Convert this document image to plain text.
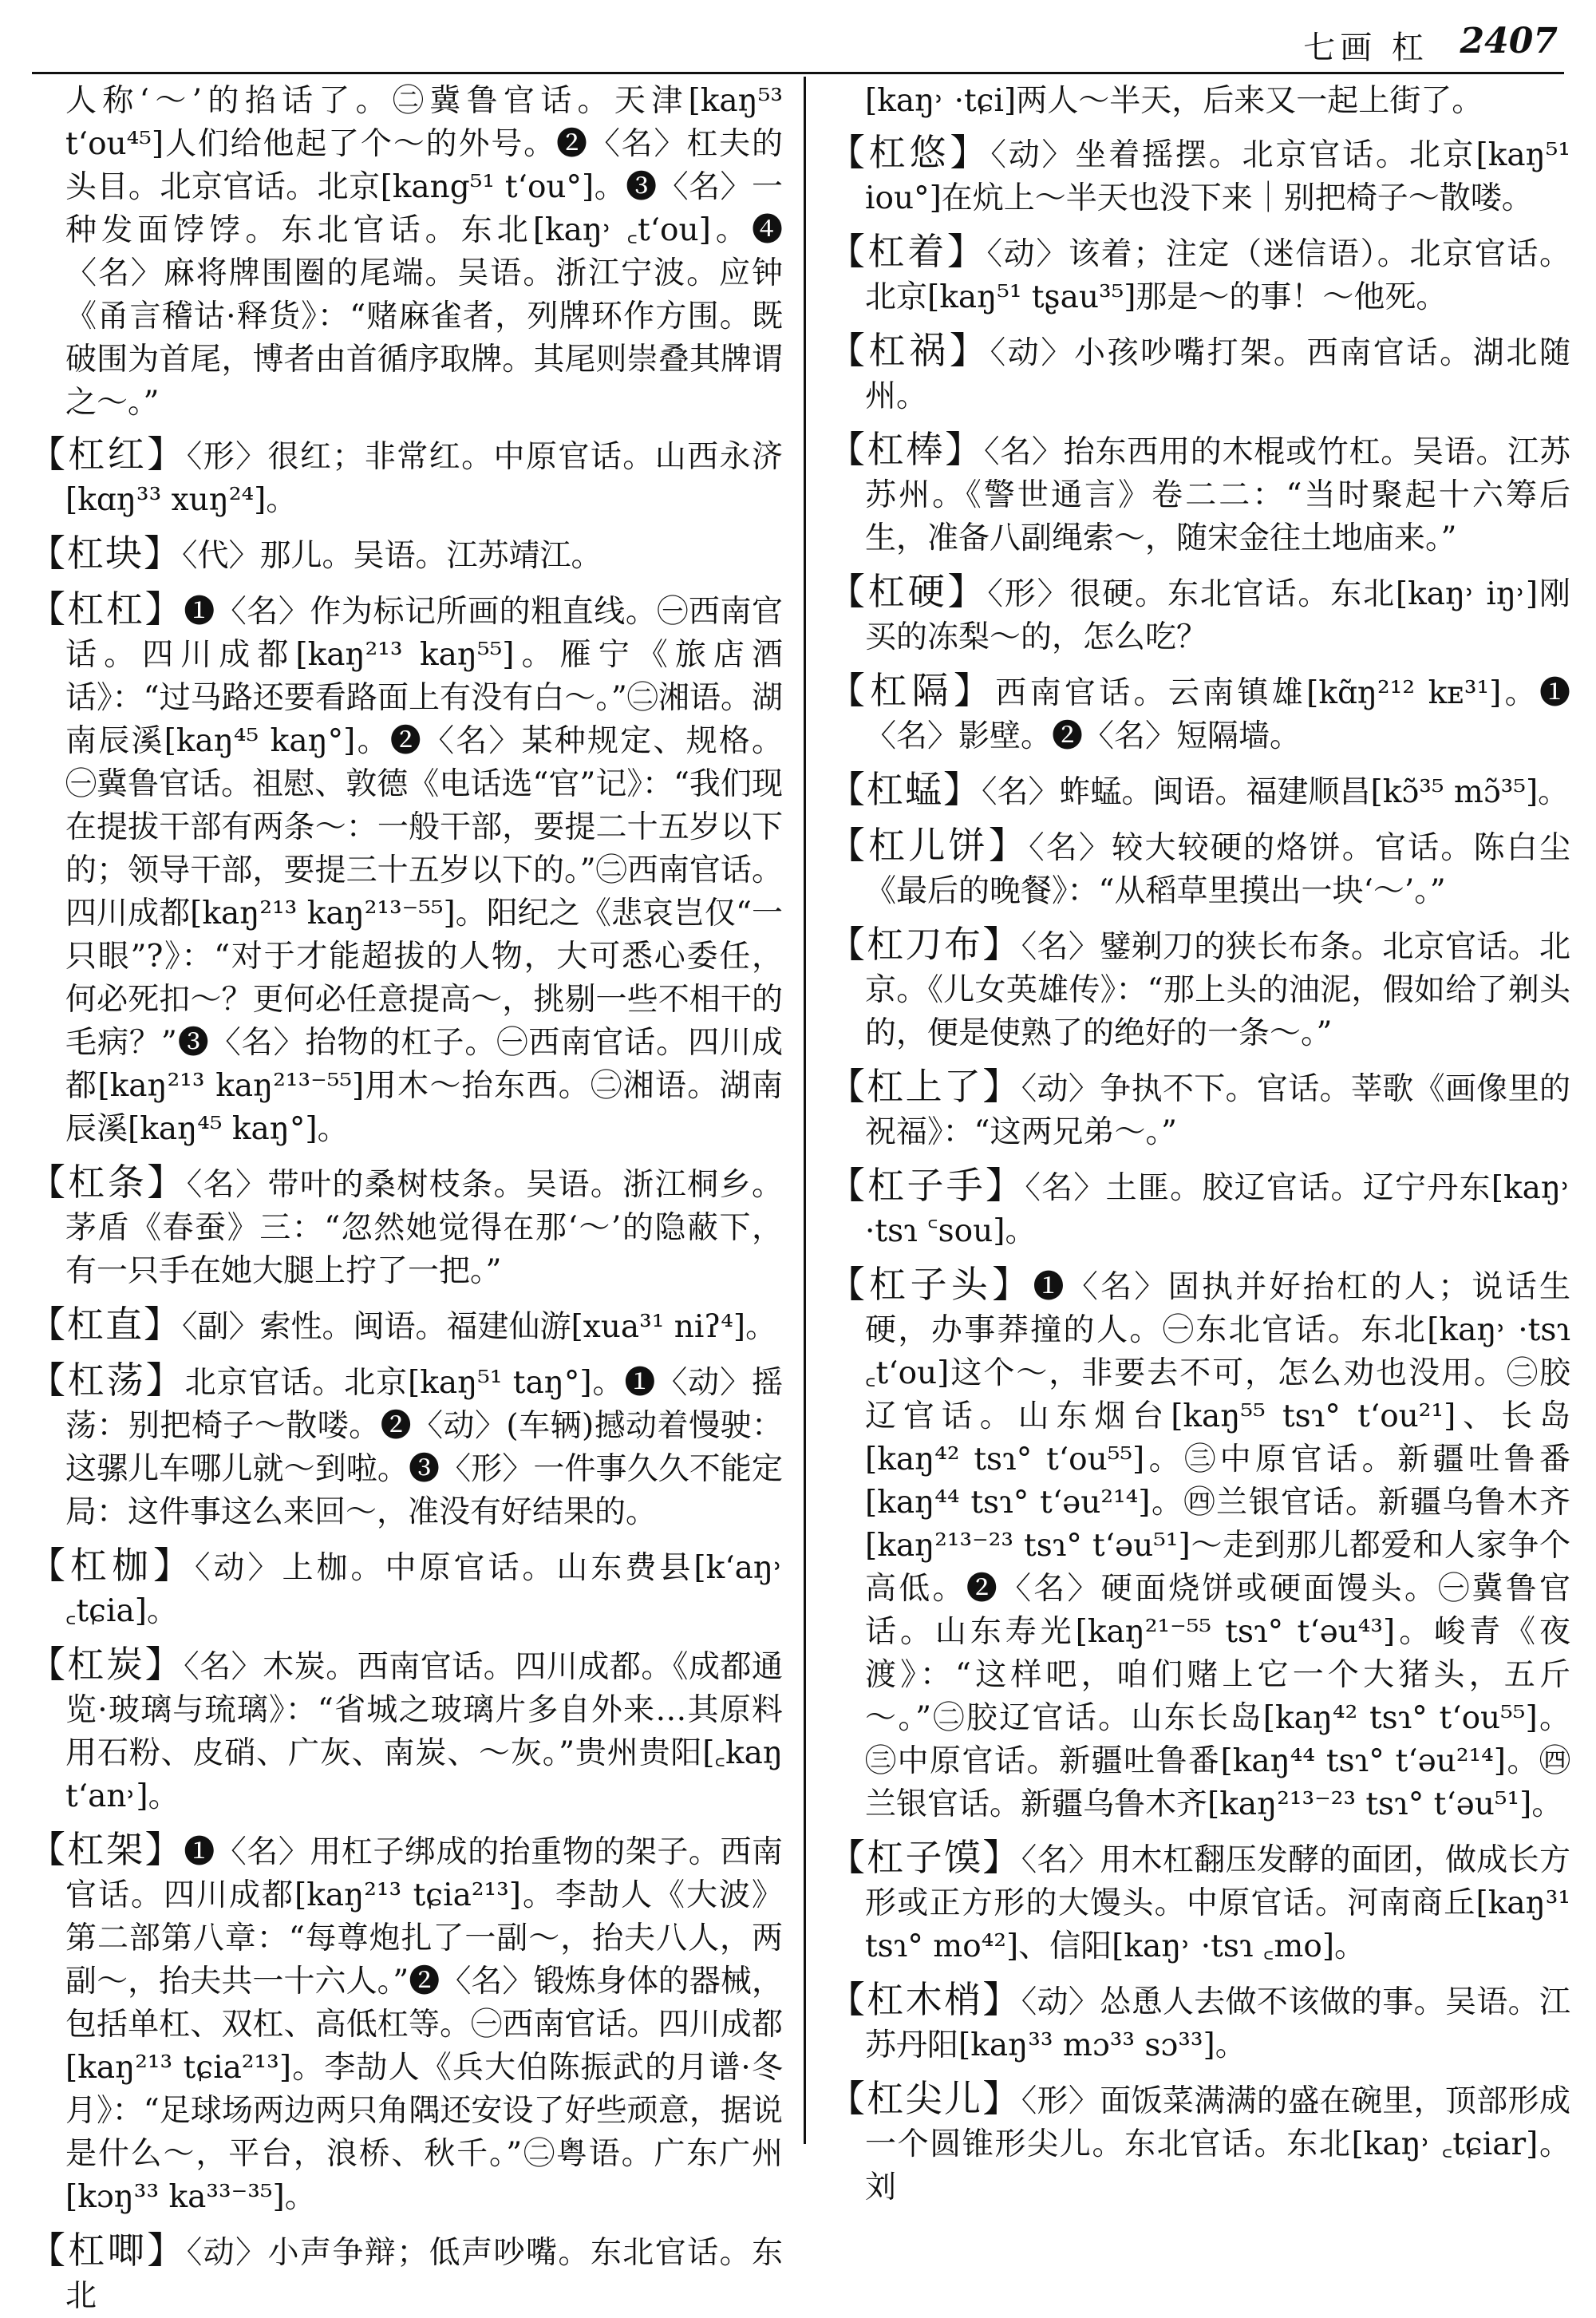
七画 杠 2407

人称‘～’的掐话了。㊁冀鲁官话。天津[kaŋ⁵³ tʻou⁴⁵]人们给他起了个～的外号。❷〈名〉杠夫的头目。北京官话。北京[kang⁵¹ tʻou°]。❸〈名〉一种发面饽饽。东北官话。东北[kaŋ˒ ꜀tʻou]。❹〈名〉麻将牌围圈的尾端。吴语。浙江宁波。应钟《甬言稽诂·释货》：“赌麻雀者，列牌环作方围。既破围为首尾，博者由首循序取牌。其尾则崇叠其牌谓之～。”

【杠红】〈形〉很红；非常红。中原官话。山西永济[kɑŋ³³ xuŋ²⁴]。

【杠块】〈代〉那儿。吴语。江苏靖江。

【杠杠】❶〈名〉作为标记所画的粗直线。㊀西南官话。四川成都[kaŋ²¹³ kaŋ⁵⁵]。雁宁《旅店酒话》：“过马路还要看路面上有没有白～。”㊁湘语。湖南辰溪[kaŋ⁴⁵ kaŋ°]。❷〈名〉某种规定、规格。㊀冀鲁官话。祖慰、敦德《电话选“官”记》：“我们现在提拔干部有两条～：一般干部，要提二十五岁以下的；领导干部，要提三十五岁以下的。”㊁西南官话。四川成都[kaŋ²¹³ kaŋ²¹³⁻⁵⁵]。阳纪之《悲哀岂仅“一只眼”?》：“对于才能超拔的人物，大可悉心委任，何必死扣～？更何必任意提高～，挑剔一些不相干的毛病？”❸〈名〉抬物的杠子。㊀西南官话。四川成都[kaŋ²¹³ kaŋ²¹³⁻⁵⁵]用木～抬东西。㊁湘语。湖南辰溪[kaŋ⁴⁵ kaŋ°]。

【杠条】〈名〉带叶的桑树枝条。吴语。浙江桐乡。茅盾《春蚕》三：“忽然她觉得在那‘～’的隐蔽下，有一只手在她大腿上拧了一把。”

【杠直】〈副〉索性。闽语。福建仙游[xua³¹ niʔ⁴]。

【杠荡】北京官话。北京[kaŋ⁵¹ taŋ°]。❶〈动〉摇荡：别把椅子～散喽。❷〈动〉(车辆)撼动着慢驶：这骡儿车哪儿就～到啦。❸〈形〉一件事久久不能定局：这件事这么来回～，准没有好结果的。

【杠枷】〈动〉上枷。中原官话。山东费县[kʻaŋ˒ ꜀tɕia]。

【杠炭】〈名〉木炭。西南官话。四川成都。《成都通览·玻璃与琉璃》：“省城之玻璃片多自外来…其原料用石粉、皮硝、广灰、南炭、～灰。”贵州贵阳[꜀kaŋ tʻan˒]。

【杠架】❶〈名〉用杠子绑成的抬重物的架子。西南官话。四川成都[kaŋ²¹³ tɕia²¹³]。李劼人《大波》第二部第八章：“每尊炮扎了一副～，抬夫八人，两副～，抬夫共一十六人。”❷〈名〉锻炼身体的器械，包括单杠、双杠、高低杠等。㊀西南官话。四川成都[kaŋ²¹³ tɕia²¹³]。李劼人《兵大伯陈振武的月谱·冬月》：“足球场两边两只角隅还安设了好些顽意，据说是什么～，平台，浪桥、秋千。”㊁粤语。广东广州[kɔŋ³³ ka³³⁻³⁵]。

【杠唧】〈动〉小声争辩；低声吵嘴。东北官话。东北

[kaŋ˒ ·tɕi]两人～半天，后来又一起上街了。

【杠悠】〈动〉坐着摇摆。北京官话。北京[kaŋ⁵¹ iou°]在炕上～半天也没下来｜别把椅子～散喽。

【杠着】〈动〉该着；注定（迷信语）。北京官话。北京[kaŋ⁵¹ tʂau³⁵]那是～的事！～他死。

【杠祸】〈动〉小孩吵嘴打架。西南官话。湖北随州。

【杠棒】〈名〉抬东西用的木棍或竹杠。吴语。江苏苏州。《警世通言》卷二二：“当时聚起十六筹后生，准备八副绳索～，随宋金往土地庙来。”

【杠硬】〈形〉很硬。东北官话。东北[kaŋ˒ iŋ˒]刚买的冻梨～的，怎么吃？

【杠隔】西南官话。云南镇雄[kɑ̃ŋ²¹² kᴇ³¹]。❶〈名〉影壁。❷〈名〉短隔墙。

【杠蜢】〈名〉蚱蜢。闽语。福建顺昌[kɔ̃³⁵ mɔ̃³⁵]。

【杠儿饼】〈名〉较大较硬的烙饼。官话。陈白尘《最后的晚餐》：“从稻草里摸出一块‘～’。”

【杠刀布】〈名〉鐾剃刀的狭长布条。北京官话。北京。《儿女英雄传》：“那上头的油泥，假如给了剃头的，便是使熟了的绝好的一条～。”

【杠上了】〈动〉争执不下。官话。莘歌《画像里的祝福》：“这两兄弟～。”

【杠子手】〈名〉土匪。胶辽官话。辽宁丹东[kaŋ˒ ·tsɿ ꜂sou]。

【杠子头】❶〈名〉固执并好抬杠的人；说话生硬，办事莽撞的人。㊀东北官话。东北[kaŋ˒ ·tsɿ ꜀tʻou]这个～，非要去不可，怎么劝也没用。㊁胶辽官话。山东烟台[kaŋ⁵⁵ tsɿ° tʻou²¹]、长岛[kaŋ⁴² tsɿ° tʻou⁵⁵]。㊂中原官话。新疆吐鲁番[kaŋ⁴⁴ tsɿ° tʻəu²¹⁴]。㊃兰银官话。新疆乌鲁木齐[kaŋ²¹³⁻²³ tsɿ° tʻəu⁵¹]～走到那儿都爱和人家争个高低。❷〈名〉硬面烧饼或硬面馒头。㊀冀鲁官话。山东寿光[kaŋ²¹⁻⁵⁵ tsɿ° tʻəu⁴³]。峻青《夜渡》：“这样吧，咱们赌上它一个大猪头，五斤～。”㊁胶辽官话。山东长岛[kaŋ⁴² tsɿ° tʻou⁵⁵]。㊂中原官话。新疆吐鲁番[kaŋ⁴⁴ tsɿ° tʻəu²¹⁴]。㊃兰银官话。新疆乌鲁木齐[kaŋ²¹³⁻²³ tsɿ° tʻəu⁵¹]。

【杠子馍】〈名〉用木杠翻压发酵的面团，做成长方形或正方形的大馒头。中原官话。河南商丘[kaŋ³¹ tsɿ° mo⁴²]、信阳[kaŋ˒ ·tsɿ ꜀mo]。

【杠木梢】〈动〉怂恿人去做不该做的事。吴语。江苏丹阳[kaŋ³³ mɔ³³ sɔ³³]。

【杠尖儿】〈形〉面饭菜满满的盛在碗里，顶部形成一个圆锥形尖儿。东北官话。东北[kaŋ˒ ꜀tɕiar]。刘
